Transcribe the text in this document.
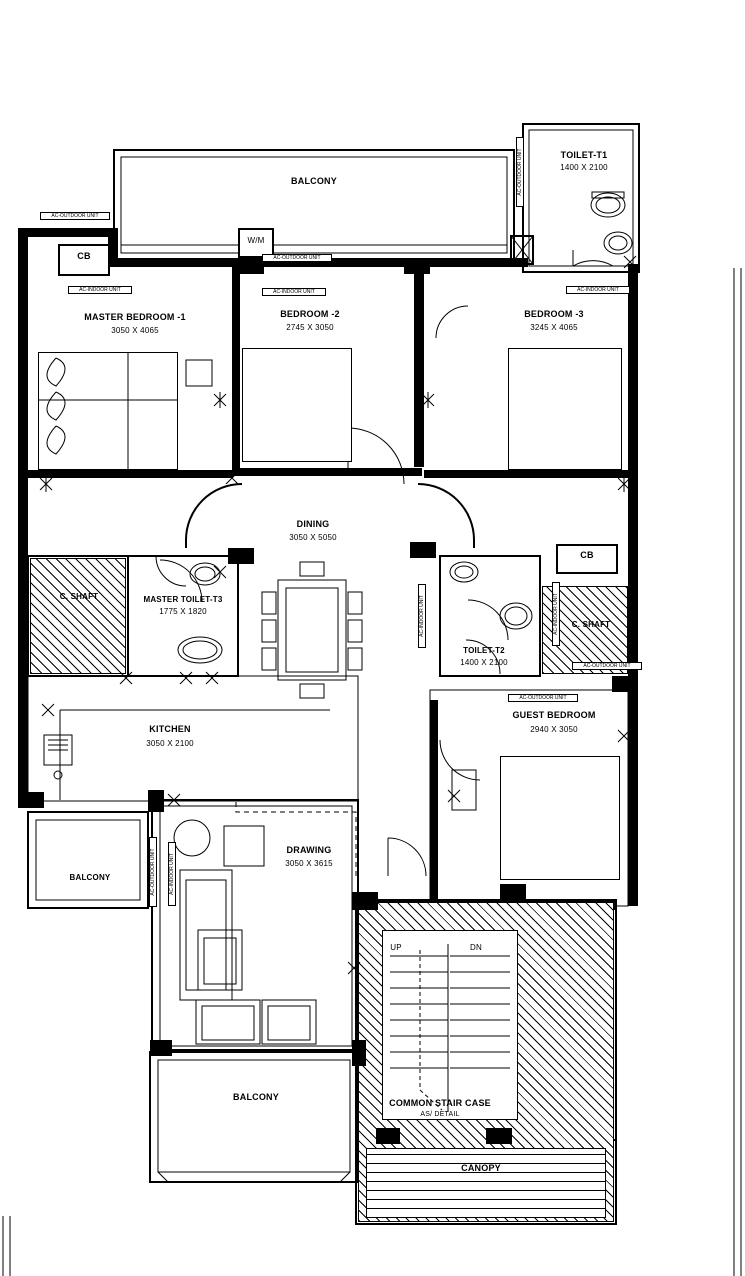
CB
CB
W/M
BALCONY
TOILET-T1
1400 X 2100
MASTER BEDROOM -1
3050 X 4065
BEDROOM -2
2745 X 3050
BEDROOM -3
3245 X 4065
DINING
3050 X 5050
MASTER TOILET-T3
1775 X 1820
TOILET-T2
1400 X 2100
KITCHEN
3050 X 2100
GUEST BEDROOM
2940 X 3050
DRAWING
3050 X 3615
BALCONY
BALCONY
COMMON STAIR CASE
AS/ DETAIL
CANOPY
C. SHAFT
C. SHAFT
UP	DN
AC-OUTDOOR UNIT
AC-INDOOR UNIT
AC-OUTDOOR UNIT
AC-INDOOR UNIT
AC-OUTDOOR UNIT
AC-INDOOR UNIT
AC-INDOOR UNIT	AC-INDOOR UNIT
AC-OUTDOOR UNIT
AC-OUTDOOR UNIT
AC-OUTDOOR UNIT	AC-INDOOR UNIT
